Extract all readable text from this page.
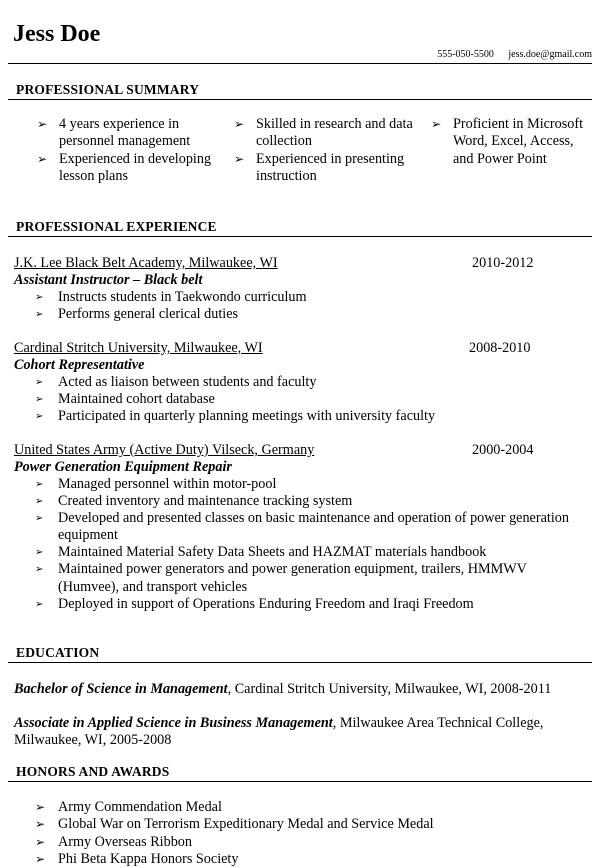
Jess Doe
555-050-5500 jess.doe@gmail.com
PROFESSIONAL SUMMARY
➢ 4 years experience in personnel management
➢ Experienced in developing lesson plans
➢ Skilled in research and data collection
➢ Experienced in presenting instruction
➢ Proficient in Microsoft Word, Excel, Access, and Power Point
PROFESSIONAL EXPERIENCE
J.K. Lee Black Belt Academy, Milwaukee, WI	2010-2012
Assistant Instructor – Black belt
➢	Instructs students in Taekwondo curriculum
➢	Performs general clerical duties
Cardinal Stritch University, Milwaukee, WI	2008-2010
Cohort Representative
➢	Acted as liaison between students and faculty
➢	Maintained cohort database
➢	Participated in quarterly planning meetings with university faculty
United States Army (Active Duty) Vilseck, Germany	2000-2004
Power Generation Equipment Repair
➢	Managed personnel within motor-pool
➢	Created inventory and maintenance tracking system
➢	Developed and presented classes on basic maintenance and operation of power generation equipment
➢	Maintained Material Safety Data Sheets and HAZMAT materials handbook
➢	Maintained power generators and power generation equipment, trailers, HMMWV (Humvee), and transport vehicles
➢	Deployed in support of Operations Enduring Freedom and Iraqi Freedom
EDUCATION
Bachelor of Science in Management, Cardinal Stritch University, Milwaukee, WI, 2008-2011
Associate in Applied Science in Business Management, Milwaukee Area Technical College, Milwaukee, WI, 2005-2008
HONORS AND AWARDS
➢ Army Commendation Medal
➢ Global War on Terrorism Expeditionary Medal and Service Medal
➢ Army Overseas Ribbon
➢ Phi Beta Kappa Honors Society
